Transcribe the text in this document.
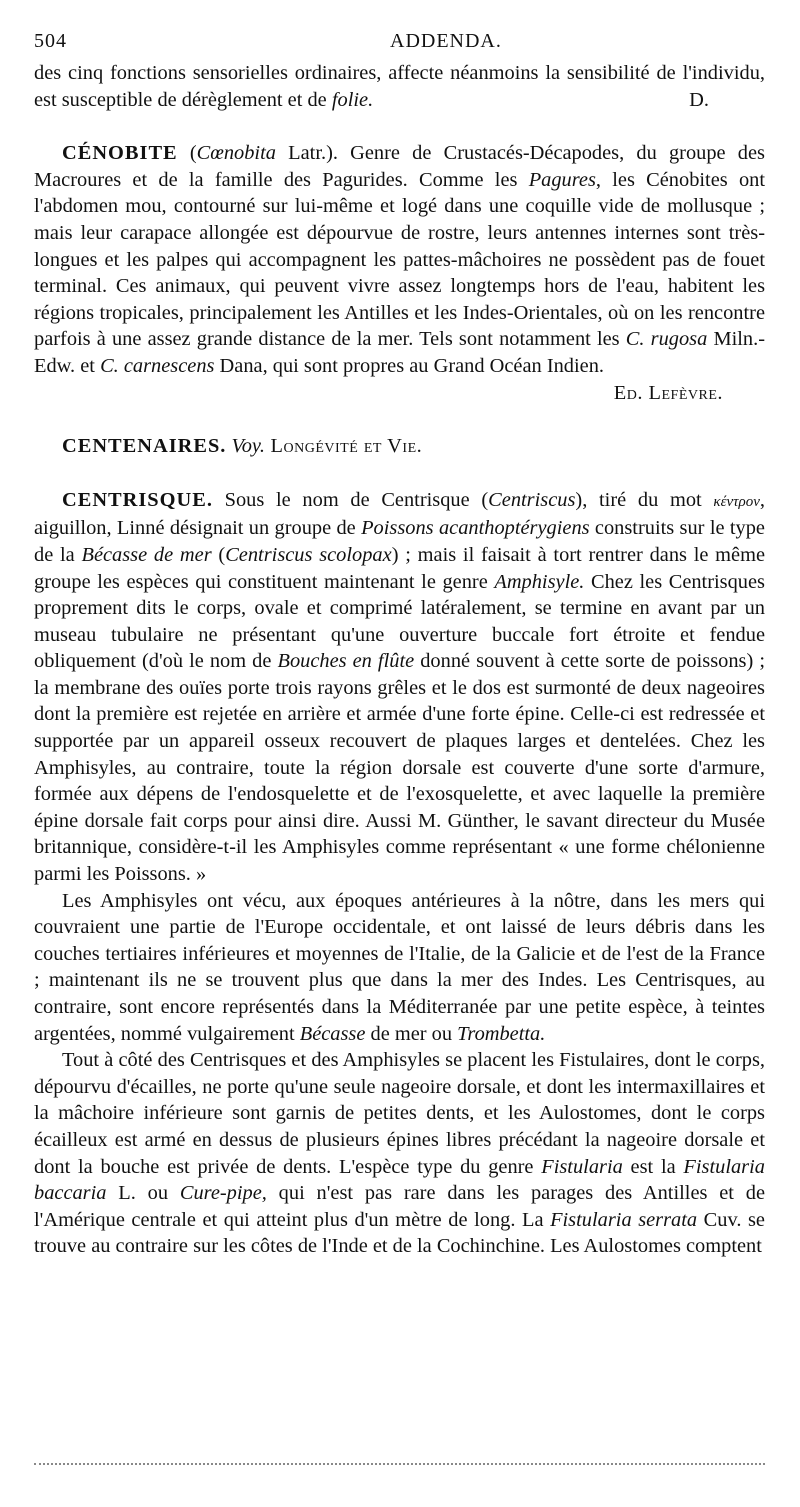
504	ADDENDA.

des cinq fonctions sensorielles ordinaires, affecte néanmoins la sensibilité de l'individu, est susceptible de dérèglement et de folie.	D.

CÉNOBITE (Cœnobita Latr.). Genre de Crustacés-Décapodes, du groupe des Macroures et de la famille des Pagurides. Comme les Pagures, les Cénobites ont l'abdomen mou, contourné sur lui-même et logé dans une coquille vide de mollusque ; mais leur carapace allongée est dépourvue de rostre, leurs antennes internes sont très-longues et les palpes qui accompagnent les pattes-mâchoires ne possèdent pas de fouet terminal. Ces animaux, qui peuvent vivre assez longtemps hors de l'eau, habitent les régions tropicales, principalement les Antilles et les Indes-Orientales, où on les rencontre parfois à une assez grande distance de la mer. Tels sont notamment les C. rugosa Miln.-Edw. et C. carnescens Dana, qui sont propres au Grand Océan Indien.

Ed. Lefèvre.

CENTENAIRES. Voy. Longévité et Vie.

CENTRISQUE. Sous le nom de Centrisque (Centriscus), tiré du mot κέντρον, aiguillon, Linné désignait un groupe de Poissons acanthoptérygiens construits sur le type de la Bécasse de mer (Centriscus scolopax) ; mais il faisait à tort rentrer dans le même groupe les espèces qui constituent maintenant le genre Amphisyle. Chez les Centrisques proprement dits le corps, ovale et comprimé latéralement, se termine en avant par un museau tubulaire ne présentant qu'une ouverture buccale fort étroite et fendue obliquement (d'où le nom de Bouches en flûte donné souvent à cette sorte de poissons) ; la membrane des ouïes porte trois rayons grêles et le dos est surmonté de deux nageoires dont la première est rejetée en arrière et armée d'une forte épine. Celle-ci est redressée et supportée par un appareil osseux recouvert de plaques larges et dentelées. Chez les Amphisyles, au contraire, toute la région dorsale est couverte d'une sorte d'armure, formée aux dépens de l'endosquelette et de l'exosquelette, et avec laquelle la première épine dorsale fait corps pour ainsi dire. Aussi M. Günther, le savant directeur du Musée britannique, considère-t-il les Amphisyles comme représentant « une forme chélonienne parmi les Poissons. »

Les Amphisyles ont vécu, aux époques antérieures à la nôtre, dans les mers qui couvraient une partie de l'Europe occidentale, et ont laissé de leurs débris dans les couches tertiaires inférieures et moyennes de l'Italie, de la Galicie et de l'est de la France ; maintenant ils ne se trouvent plus que dans la mer des Indes. Les Centrisques, au contraire, sont encore représentés dans la Méditerranée par une petite espèce, à teintes argentées, nommé vulgairement Bécasse de mer ou Trombetta.

Tout à côté des Centrisques et des Amphisyles se placent les Fistulaires, dont le corps, dépourvu d'écailles, ne porte qu'une seule nageoire dorsale, et dont les intermaxillaires et la mâchoire inférieure sont garnis de petites dents, et les Aulostomes, dont le corps écailleux est armé en dessus de plusieurs épines libres précédant la nageoire dorsale et dont la bouche est privée de dents. L'espèce type du genre Fistularia est la Fistularia baccaria L. ou Cure-pipe, qui n'est pas rare dans les parages des Antilles et de l'Amérique centrale et qui atteint plus d'un mètre de long. La Fistularia serrata Cuv. se trouve au contraire sur les côtes de l'Inde et de la Cochinchine. Les Aulostomes comptent
